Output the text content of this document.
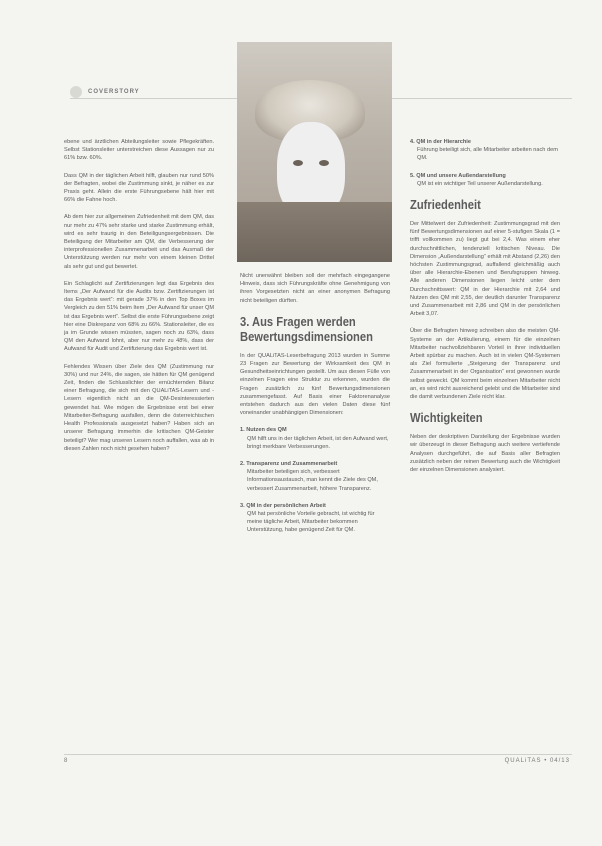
COVERSTORY

ebene und ärztlichen Abteilungsleiter sowie Pflegekräften. Selbst Stationsleiter unterstreichen diese Aussagen nur zu 61% bzw. 60%.

Dass QM in der täglichen Arbeit hilft, glauben nur rund 50% der Befragten, wobei die Zustimmung sinkt, je näher es zur Praxis geht. Allein die erste Führungsebene hält hier mit 66% die Fahne hoch.

Ab dem hier zur allgemeinen Zufriedenheit mit dem QM, das nur mehr zu 47% sehr starke und starke Zustimmung erhält, wird es sehr traurig in den Beteiligungsergebnissen. Die Beteiligung der Mitarbeiter am QM, die Verbesserung der interprofessionellen Zusammenarbeit und das Ausmaß der Unterstützung werden nur mehr von einem kleinen Drittel als sehr gut und gut bewertet.

Ein Schlaglicht auf Zertifizierungen legt das Ergebnis des Items „Der Aufwand für die Audits bzw. Zertifizierungen ist das Ergebnis wert“: mit gerade 37% in den Top Boxes im Vergleich zu den 51% beim Item „Der Aufwand für unser QM ist das Ergebnis wert“. Selbst die erste Führungsebene zeigt hier eine Diskrepanz von 68% zu 66%. Stationsleiter, die es ja im Grunde wissen müssten, sagen noch zu 63%, dass QM den Aufwand lohnt, aber nur mehr zu 48%, dass der Aufwand für Audit und Zertifizierung das Ergebnis wert ist.

Fehlendes Wissen über Ziele des QM (Zustimmung nur 30%) und nur 24%, die sagen, sie hätten für QM genügend Zeit, finden die Schlusslichter der ernüchternden Bilanz einer Befragung, die sich mit den QUALiTAS-Lesern und -Lesern eigentlich nicht an die QM-Desinteressierten gewendet hat. Wie mögen die Ergebnisse erst bei einer Mitarbeiter-Befragung ausfallen, denn die österreichischen Health Professionals ausgesetzt haben? Haben sich an unserer Befragung immerhin die kritischen QM-Geister beteiligt? Wer mag unseren Lesern noch auffallen, was ab in diesen Zahlen noch nicht gesehen haben?

Nicht unerwähnt bleiben soll der mehrfach eingegangene Hinweis, dass sich Führungskräfte ohne Genehmigung von ihren Vorgesetzten nicht an einer anonymen Befragung nicht beteiligen dürften.

3. Aus Fragen werden Bewertungsdimensionen

In der QUALiTAS-Leserbefragung 2013 wurden in Summe 23 Fragen zur Bewertung der Wirksamkeit des QM in Gesundheitseinrichtungen gestellt. Um aus diesen Fülle von einzelnen Fragen eine Struktur zu erkennen, wurden die Fragen zusätzlich zu fünf Bewertungsdimensionen zusammengefasst. Auf Basis einer Faktorenanalyse entstehen dadurch aus den vielen Daten diese fünf voneinander unabhängigen Dimensionen:

1. Nutzen des QM
QM hilft uns in der täglichen Arbeit, ist den Aufwand wert, bringt merkbare Verbesserungen.
2. Transparenz und Zusammenarbeit
Mitarbeiter beteiligen sich, verbessert Informationsaustausch, man kennt die Ziele des QM, verbessert Zusammenarbeit, höhere Transparenz.
3. QM in der persönlichen Arbeit
QM hat persönliche Vorteile gebracht, ist wichtig für meine tägliche Arbeit, Mitarbeiter bekommen Unterstützung, habe genügend Zeit für QM.
4. QM in der Hierarchie
Führung beteiligt sich, alle Mitarbeiter arbeiten nach dem QM.
5. QM und unsere Außendarstellung
QM ist ein wichtiger Teil unserer Außendarstellung.
Zufriedenheit

Der Mittelwert der Zufriedenheit: Zustimmungsgrad mit den fünf Bewertungsdimensionen auf einer 5-stufigen Skala (1 = trifft vollkommen zu) liegt gut bei 2,4. Was einem eher durchschnittlichen, tendenziell kritischen Niveau. Die Dimension „Außendarstellung“ erhält mit Abstand (2,26) den höchsten Zustimmungsgrad, auffallend gleichmäßig auch über alle Hierarchie-Ebenen und Berufsgruppen hinweg. Alle anderen Dimensionen liegen leicht unter dem Durchschnittswert: QM in der Hierarchie mit 2,64 und Nutzen des QM mit 2,55, der deutlich darunter Transparenz und Zusammenarbeit mit 2,86 und QM in der persönlichen Arbeit 3,07.

Über die Befragten hinweg schreiben also die meisten QM-Systeme an der Artikulierung, einem für die einzelnen Mitarbeiter nachvollziehbaren Vorteil in ihrer individuellen Arbeit spürbar zu machen. Auch ist in vielen QM-Systemen als Ziel formulierte „Steigerung der Transparenz und Zusammenarbeit in der Organisation“ erst gewonnen wurde selbst geweckt. QM kommt beim einzelnen Mitarbeiter nicht an, es wird nicht ausreichend gelebt und die Mitarbeiter sind die damit verbundenen Ziele nicht klar.

Wichtigkeiten

Neben der deskriptiven Darstellung der Ergebnisse wurden wir überzeugt in dieser Befragung auch weitere vertiefende Analysen durchgeführt, die auf Basis aller Befragten zusätzlich neben der reinen Bewertung auch die Wichtigkeit der einzelnen Dimensionen analysiert.

8	QUALiTAS • 04/13
